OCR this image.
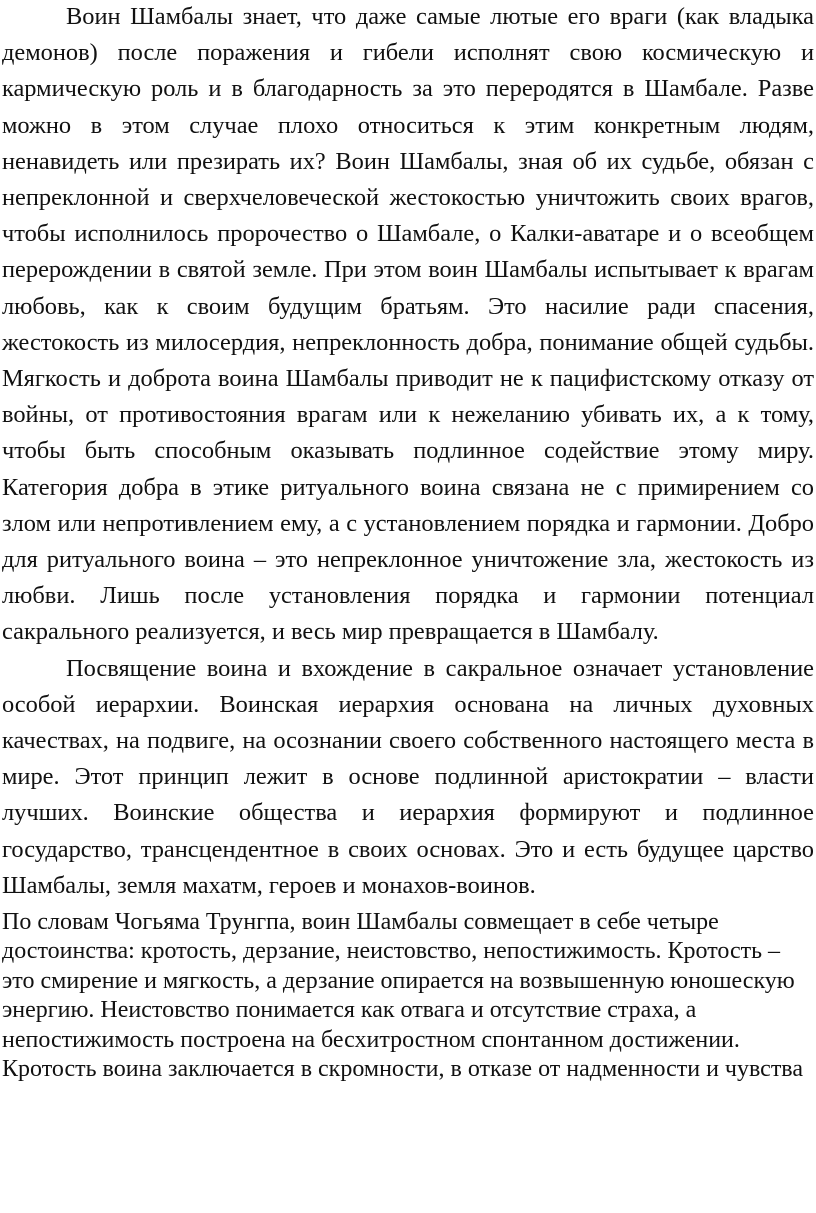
Воин Шамбалы знает, что даже самые лютые его враги (как владыка демонов) после поражения и гибели исполнят свою космическую и кармическую роль и в благодарность за это переродятся в Шамбале. Разве можно в этом случае плохо относиться к этим конкретным людям, ненавидеть или презирать их? Воин Шамбалы, зная об их судьбе, обязан с непреклонной и сверхчеловеческой жестокостью уничтожить своих врагов, чтобы исполнилось пророчество о Шамбале, о Калки-аватаре и о всеобщем перерождении в святой земле. При этом воин Шамбалы испытывает к врагам любовь, как к своим будущим братьям. Это насилие ради спасения, жестокость из милосердия, непреклонность добра, понимание общей судьбы. Мягкость и доброта воина Шамбалы приводит не к пацифистскому отказу от войны, от противостояния врагам или к нежеланию убивать их, а к тому, чтобы быть способным оказывать подлинное содействие этому миру. Категория добра в этике ритуального воина связана не с примирением со злом или непротивлением ему, а с установлением порядка и гармонии. Добро для ритуального воина – это непреклонное уничтожение зла, жестокость из любви. Лишь после установления порядка и гармонии потенциал сакрального реализуется, и весь мир превращается в Шамбалу.

Посвящение воина и вхождение в сакральное означает установление особой иерархии. Воинская иерархия основана на личных духовных качествах, на подвиге, на осознании своего собственного настоящего места в мире. Этот принцип лежит в основе подлинной аристократии – власти лучших. Воинские общества и иерархия формируют и подлинное государство, трансцендентное в своих основах. Это и есть будущее царство Шамбалы, земля махатм, героев и монахов-воинов.

По словам Чогьяма Трунгпа, воин Шамбалы совмещает в себе четыре достоинства: кротость, дерзание, неистовство, непостижимость. Кротость – это смирение и мягкость, а дерзание опирается на возвышенную юношескую энергию. Неистовство понимается как отвага и отсутствие страха, а непостижимость построена на бесхитростном спонтанном достижении. Кротость воина заключается в скромности, в отказе от надменности и чувства
